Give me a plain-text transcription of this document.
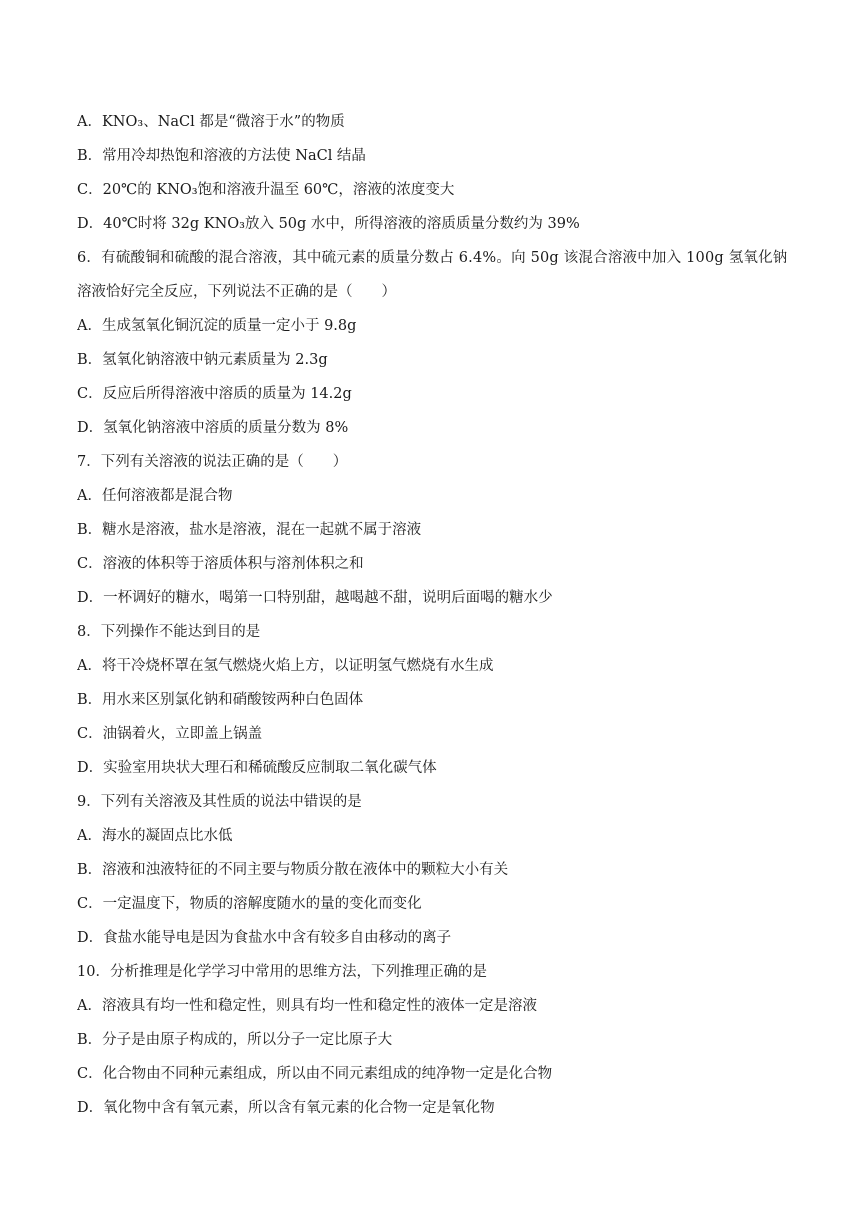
A．KNO₃、NaCl 都是“微溶于水”的物质
B．常用冷却热饱和溶液的方法使 NaCl 结晶
C．20℃的 KNO₃饱和溶液升温至 60℃，溶液的浓度变大
D．40℃时将 32g KNO₃放入 50g 水中，所得溶液的溶质质量分数约为 39%
6．有硫酸铜和硫酸的混合溶液，其中硫元素的质量分数占 6.4%。向 50g 该混合溶液中加入 100g 氢氧化钠
溶液恰好完全反应，下列说法不正确的是（　　）
A．生成氢氧化铜沉淀的质量一定小于 9.8g
B．氢氧化钠溶液中钠元素质量为 2.3g
C．反应后所得溶液中溶质的质量为 14.2g
D．氢氧化钠溶液中溶质的质量分数为 8%
7．下列有关溶液的说法正确的是（　　）
A．任何溶液都是混合物
B．糖水是溶液，盐水是溶液，混在一起就不属于溶液
C．溶液的体积等于溶质体积与溶剂体积之和
D．一杯调好的糖水，喝第一口特别甜，越喝越不甜，说明后面喝的糖水少
8．下列操作不能达到目的是
A．将干冷烧杯罩在氢气燃烧火焰上方，以证明氢气燃烧有水生成
B．用水来区别氯化钠和硝酸铵两种白色固体
C．油锅着火，立即盖上锅盖
D．实验室用块状大理石和稀硫酸反应制取二氧化碳气体
9．下列有关溶液及其性质的说法中错误的是
A．海水的凝固点比水低
B．溶液和浊液特征的不同主要与物质分散在液体中的颗粒大小有关
C．一定温度下，物质的溶解度随水的量的变化而变化
D．食盐水能导电是因为食盐水中含有较多自由移动的离子
10．分析推理是化学学习中常用的思维方法，下列推理正确的是
A．溶液具有均一性和稳定性，则具有均一性和稳定性的液体一定是溶液
B．分子是由原子构成的，所以分子一定比原子大
C．化合物由不同种元素组成，所以由不同元素组成的纯净物一定是化合物
D．氧化物中含有氧元素，所以含有氧元素的化合物一定是氧化物
